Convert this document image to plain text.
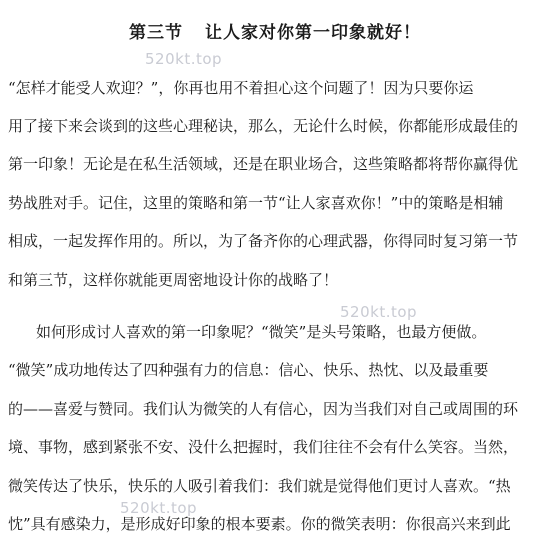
第三节 让人家对你第一印象就好！
“怎样才能受人欢迎？”，你再也用不着担心这个问题了！因为只要你运
用了接下来会谈到的这些心理秘诀，那么，无论什么时候，你都能形成最佳的
第一印象！无论是在私生活领域，还是在职业场合，这些策略都将帮你赢得优
势战胜对手。记住，这里的策略和第一节“让人家喜欢你！”中的策略是相辅
相成，一起发挥作用的。所以，为了备齐你的心理武器，你得同时复习第一节
和第三节，这样你就能更周密地设计你的战略了！
如何形成讨人喜欢的第一印象呢？“微笑”是头号策略，也最方便做。
“微笑”成功地传达了四种强有力的信息：信心、快乐、热忱、以及最重要
的——喜爱与赞同。我们认为微笑的人有信心，因为当我们对自己或周围的环
境、事物，感到紧张不安、没什么把握时，我们往往不会有什么笑容。当然，
微笑传达了快乐，快乐的人吸引着我们：我们就是觉得他们更讨人喜欢。“热
忱”具有感染力，是形成好印象的根本要素。你的微笑表明：你很高兴来到此
520kt.top
520kt.top
520kt.top
